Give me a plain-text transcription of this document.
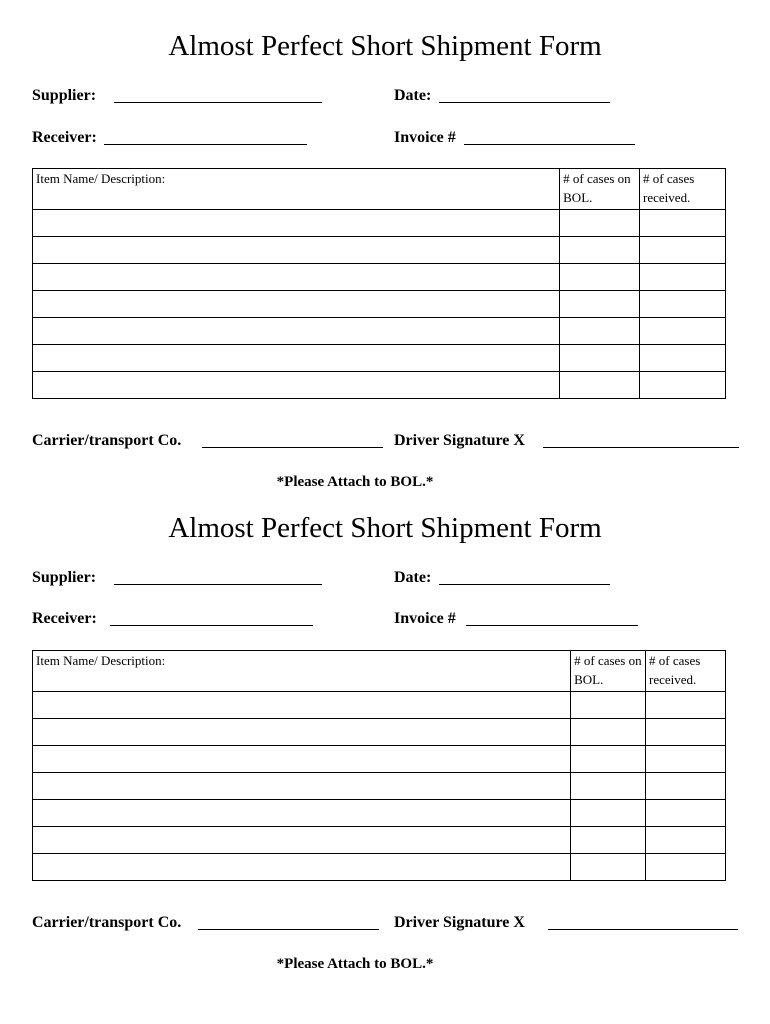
Almost Perfect Short Shipment Form
Supplier:	Date:
Receiver:	Invoice #
Item Name/ Description:	# of cases on BOL.	# of cases received.

Carrier/transport Co.	Driver Signature X
*Please Attach to BOL.*
Almost Perfect Short Shipment Form
Supplier:	Date:
Receiver:	Invoice #
Item Name/ Description:	# of cases on BOL.	# of cases received.

Carrier/transport Co.	Driver Signature X
*Please Attach to BOL.*
